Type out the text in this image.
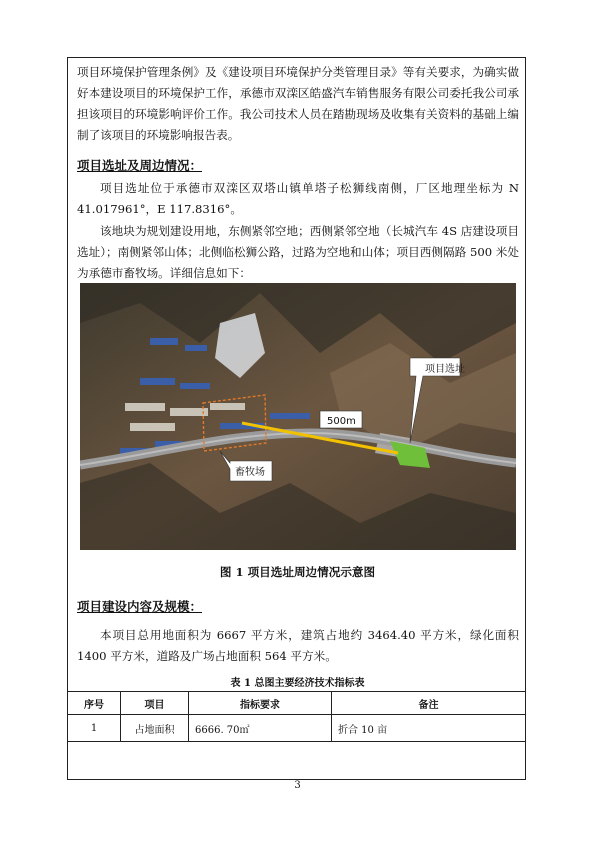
项目环境保护管理条例》及《建设项目环境保护分类管理目录》等有关要求，为确实做好本建设项目的环境保护工作，承德市双滦区皓盛汽车销售服务有限公司委托我公司承担该项目的环境影响评价工作。我公司技术人员在踏勘现场及收集有关资料的基础上编制了该项目的环境影响报告表。

项目选址及周边情况：

项目选址位于承德市双滦区双塔山镇单塔子松狮线南侧，厂区地理坐标为 N 41.017961°，E 117.8316°。

该地块为规划建设用地，东侧紧邻空地；西侧紧邻空地（长城汽车 4S 店建设项目选址）；南侧紧邻山体；北侧临松狮公路，过路为空地和山体；项目西侧隔路 500 米处为承德市畜牧场。详细信息如下：

项目选址
500m
畜牧场
图 1 项目选址周边情况示意图

项目建设内容及规模：

本项目总用地面积为 6667 平方米，建筑占地约 3464.40 平方米，绿化面积 1400 平方米，道路及广场占地面积 564 平方米。

表 1 总图主要经济技术指标表
序号	项目	指标要求	备注
1	占地面积	6666. 70㎡	折合 10 亩
3
